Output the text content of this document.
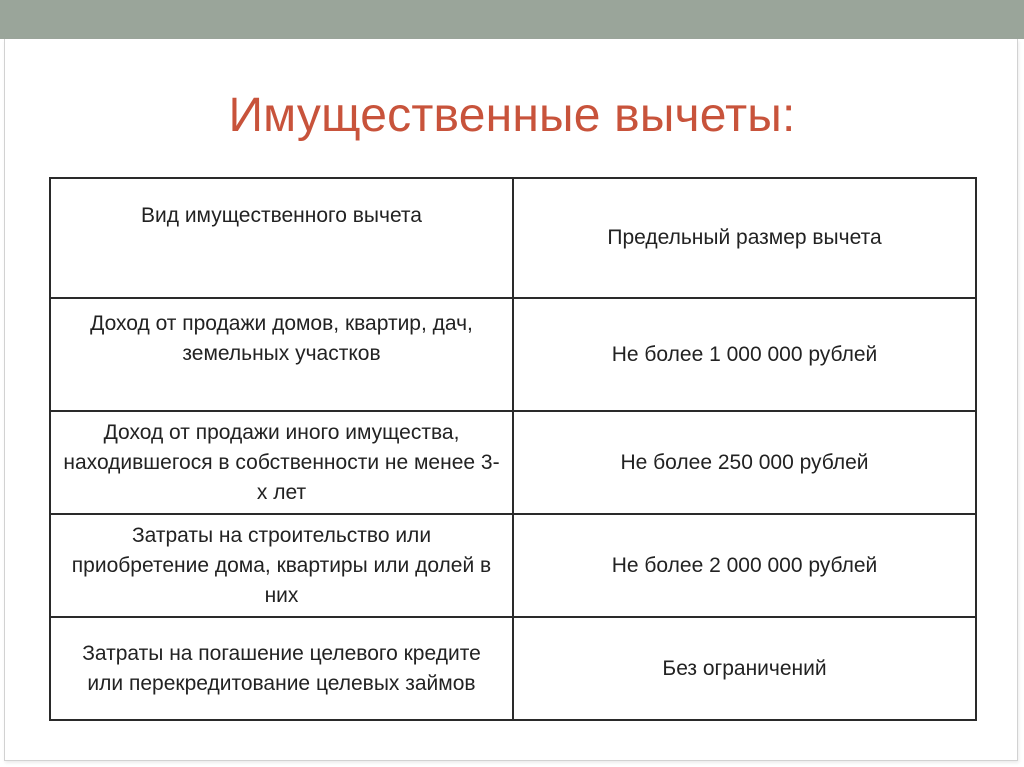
Имущественные вычеты:
Вид имущественного вычета	Предельный размер вычета
Доход от продажи домов, квартир, дач, земельных участков	Не более 1 000 000 рублей
Доход от продажи иного имущества, находившегося в собственности не менее 3- х лет	Не более 250 000 рублей
Затраты на строительство или приобретение дома, квартиры или долей в них	Не более 2 000 000 рублей
Затраты на погашение целевого кредите или перекредитование целевых займов	Без ограничений
